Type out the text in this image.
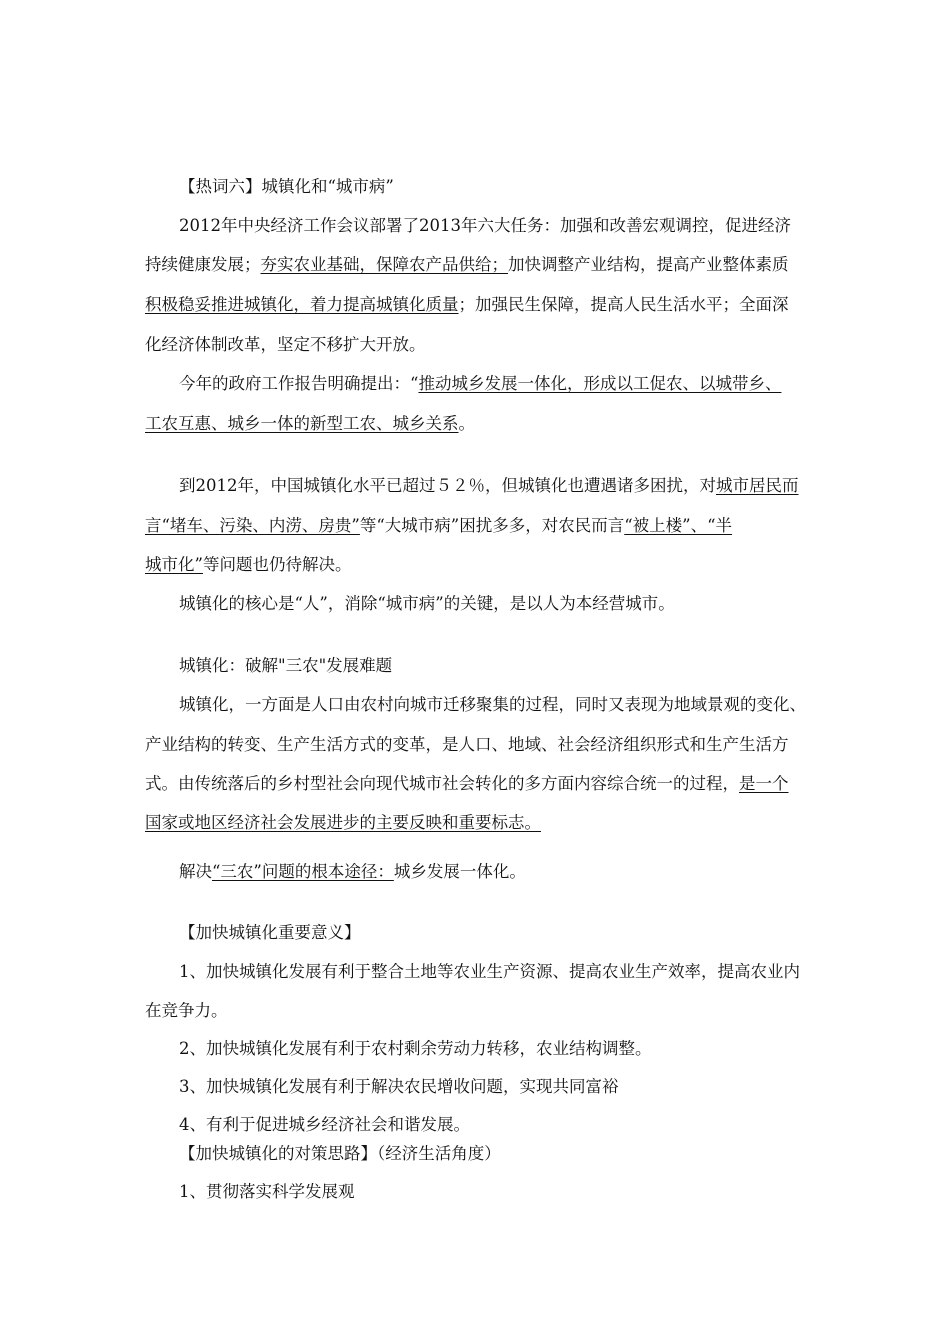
【热词六】城镇化和“城市病”
2012年中央经济工作会议部署了2013年六大任务：加强和改善宏观调控，促进经济
持续健康发展；夯实农业基础，保障农产品供给；加快调整产业结构，提高产业整体素质
积极稳妥推进城镇化，着力提高城镇化质量；加强民生保障，提高人民生活水平；全面深
化经济体制改革，坚定不移扩大开放。
今年的政府工作报告明确提出：“推动城乡发展一体化，形成以工促农、以城带乡、
工农互惠、城乡一体的新型工农、城乡关系。
到2012年，中国城镇化水平已超过５２％，但城镇化也遭遇诸多困扰，对城市居民而
言“堵车、污染、内涝、房贵”等“大城市病”困扰多多，对农民而言“被上楼”、“半
城市化”等问题也仍待解决。
城镇化的核心是“人”，消除“城市病”的关键，是以人为本经营城市。
城镇化：破解"三农"发展难题
城镇化，一方面是人口由农村向城市迁移聚集的过程，同时又表现为地域景观的变化、
产业结构的转变、生产生活方式的变革，是人口、地域、社会经济组织形式和生产生活方
式。由传统落后的乡村型社会向现代城市社会转化的多方面内容综合统一的过程，是一个
国家或地区经济社会发展进步的主要反映和重要标志。
解决“三农”问题的根本途径：城乡发展一体化。
【加快城镇化重要意义】
1、加快城镇化发展有利于整合土地等农业生产资源、提高农业生产效率，提高农业内
在竞争力。
2、加快城镇化发展有利于农村剩余劳动力转移，农业结构调整。
3、加快城镇化发展有利于解决农民增收问题，实现共同富裕
4、有利于促进城乡经济社会和谐发展。
【加快城镇化的对策思路】（经济生活角度）
1、贯彻落实科学发展观
